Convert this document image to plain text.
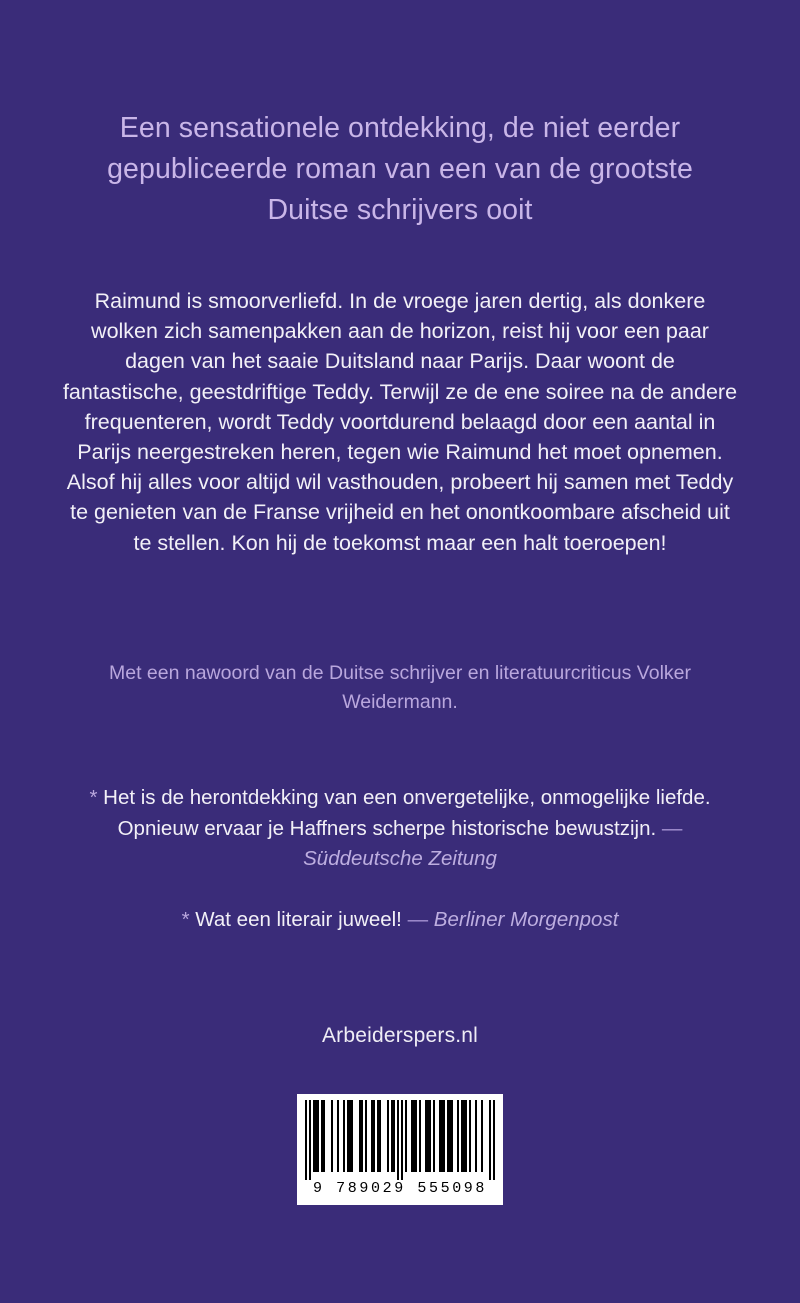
Een sensationele ontdekking, de niet eerder gepubliceerde roman van een van de grootste Duitse schrijvers ooit
Raimund is smoorverliefd. In de vroege jaren dertig, als donkere wolken zich samenpakken aan de horizon, reist hij voor een paar dagen van het saaie Duitsland naar Parijs. Daar woont de fantastische, geestdriftige Teddy. Terwijl ze de ene soiree na de andere frequenteren, wordt Teddy voortdurend belaagd door een aantal in Parijs neergestreken heren, tegen wie Raimund het moet opnemen. Alsof hij alles voor altijd wil vasthouden, probeert hij samen met Teddy te genieten van de Franse vrijheid en het onontkoombare afscheid uit te stellen. Kon hij de toekomst maar een halt toeroepen!
Met een nawoord van de Duitse schrijver en literatuurcriticus Volker Weidermann.
* Het is de herontdekking van een onvergetelijke, onmogelijke liefde. Opnieuw ervaar je Haffners scherpe historische bewustzijn. — Süddeutsche Zeitung
* Wat een literair juweel! — Berliner Morgenpost
Arbeiderspers.nl
9 789029 555098
